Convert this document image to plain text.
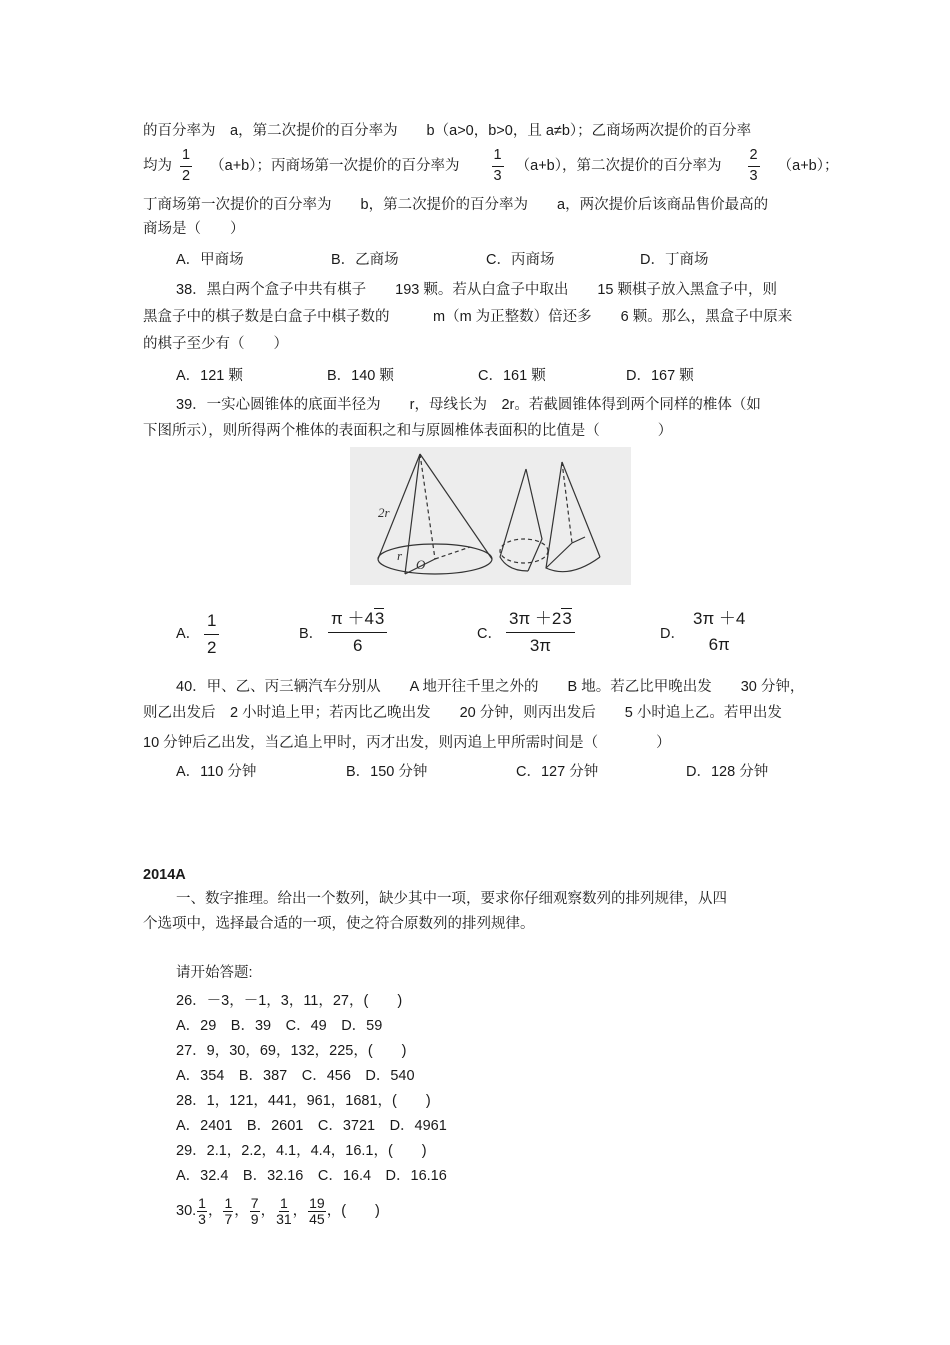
的百分率为　a，第二次提价的百分率为　　b（a>0，b>0，且 a≠b）；乙商场两次提价的百分率
均为 $\frac{1}{2} (a+b)$；丙商场第一次提价的百分率为 $\frac{1}{3} (a+b)$，第二次提价的百分率为 $\frac{2}{3} (a+b)$；
丁商场第一次提价的百分率为　　b，第二次提价的百分率为　　a，两次提价后该商品售价最高的
商场是（　　）
A．甲商场	B．乙商场	C．丙商场	D．丁商场
38．黑白两个盒子中共有棋子　　193 颗。若从白盒子中取出　　15 颗棋子放入黑盒子中，则
黑盒子中的棋子数是白盒子中棋子数的　　　m（m 为正整数）倍还多　　6 颗。那么，黑盒子中原来
的棋子至少有（　　）
A．121 颗	B．140 颗	C．161 颗	D．167 颗
39．一实心圆锥体的底面半径为　　r，母线长为　2r。若截圆锥体得到两个同样的椎体（如
下图所示），则所得两个椎体的表面积之和与原圆椎体表面积的比值是（　　　　）
2r
r
O
A． $\frac{1}{2}$	B． $\frac{\pi +43}{6}$	C． $\frac{3\pi +23}{3\pi}$	D．
3π ＋4
6π
40．甲、乙、丙三辆汽车分别从　　A 地开往千里之外的　　B 地。若乙比甲晚出发　　30 分钟，
则乙出发后　2 小时追上甲；若丙比乙晚出发　　20 分钟，则丙出发后　　5 小时追上乙。若甲出发
10 分钟后乙出发，当乙追上甲时，丙才出发，则丙追上甲所需时间是（　　　　）
A．110 分钟	B．150 分钟	C．127 分钟	D．128 分钟
2014A
一、数字推理。给出一个数列，缺少其中一项，要求你仔细观察数列的排列规律，从四
个选项中，选择最合适的一项，使之符合原数列的排列规律。
请开始答题:
26．－3，－1，3，11，27，(　　)
A．29　B．39　C．49　D．59
27．9，30，69，132，225，(　　)
A．354　B．387　C．456　D．540
28．1，121，441，961，1681，(　　)
A．2401　B．2601　C．3721　D．4961
29．2.1，2.2，4.1，4.4，16.1，(　　)
A．32.4　B．32.16　C．16.4　D．16.16
30. $\frac{1}{3}$ ， $\frac{1}{7}$ ， $\frac{7}{9}$ ， $\frac{1}{31}$ ， $\frac{19}{45}$ ，(　　)
